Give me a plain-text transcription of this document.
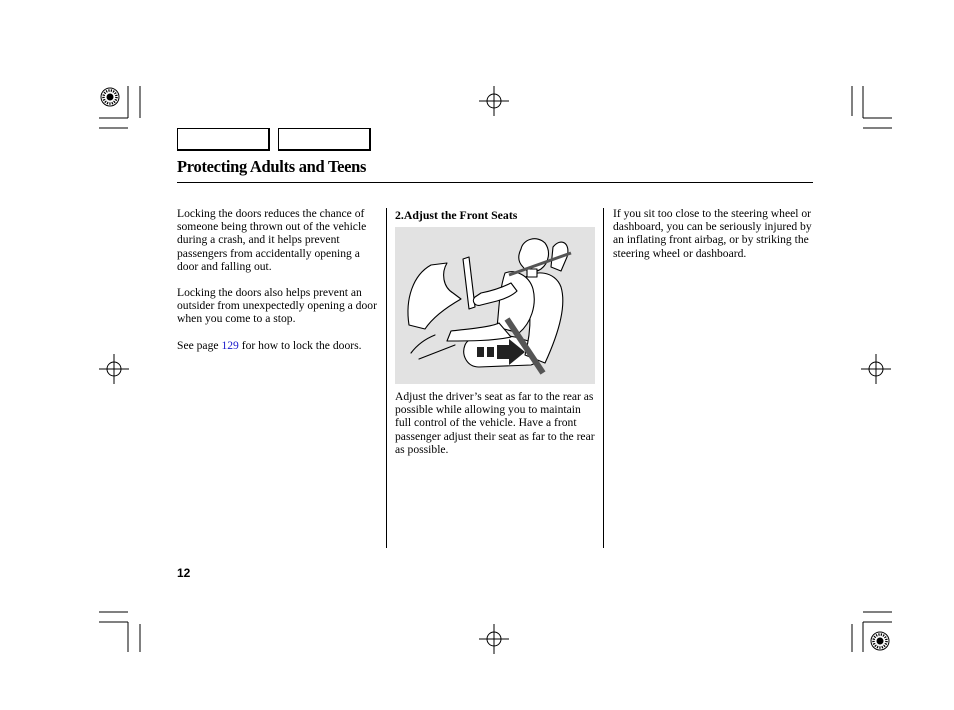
Protecting Adults and Teens

Locking the doors reduces the chance of someone being thrown out of the vehicle during a crash, and it helps prevent passengers from accidentally opening a door and falling out.

Locking the doors also helps prevent an outsider from unexpectedly opening a door when you come to a stop.

See page 129 for how to lock the doors.

2.Adjust the Front Seats

Adjust the driver’s seat as far to the rear as possible while allowing you to maintain full control of the vehicle. Have a front passenger adjust their seat as far to the rear as possible.

If you sit too close to the steering wheel or dashboard, you can be seriously injured by an inflating front airbag, or by striking the steering wheel or dashboard.

12
